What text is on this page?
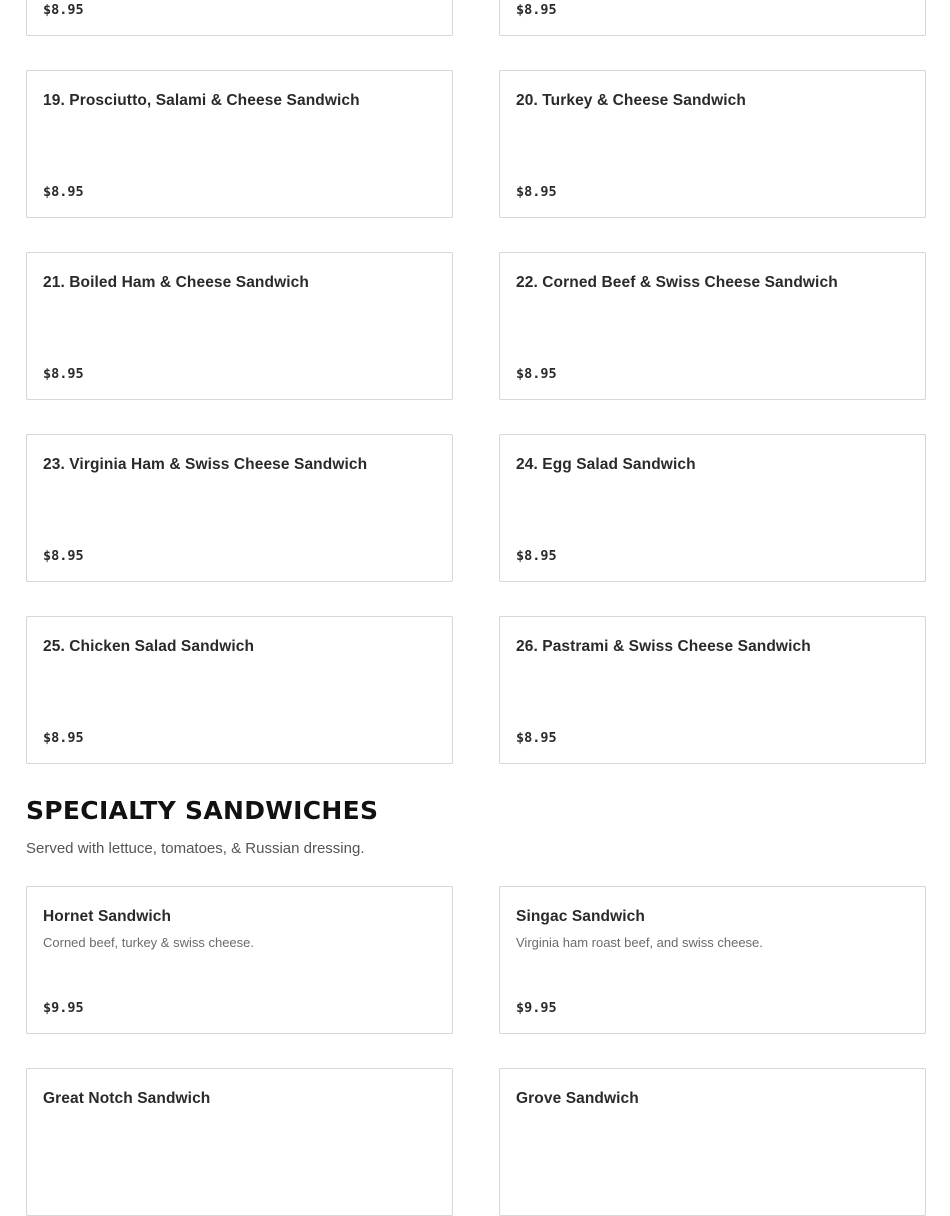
$8.95	$8.95
19. Prosciutto, Salami & Cheese Sandwich
$8.95
20. Turkey & Cheese Sandwich
$8.95
21. Boiled Ham & Cheese Sandwich
$8.95
22. Corned Beef & Swiss Cheese Sandwich
$8.95
23. Virginia Ham & Swiss Cheese Sandwich
$8.95
24. Egg Salad Sandwich
$8.95
25. Chicken Salad Sandwich
$8.95
26. Pastrami & Swiss Cheese Sandwich
$8.95
SPECIALTY SANDWICHES
Served with lettuce, tomatoes, & Russian dressing.
Hornet Sandwich
Corned beef, turkey & swiss cheese.
$9.95
Singac Sandwich
Virginia ham roast beef, and swiss cheese.
$9.95
Great Notch Sandwich	Grove Sandwich
